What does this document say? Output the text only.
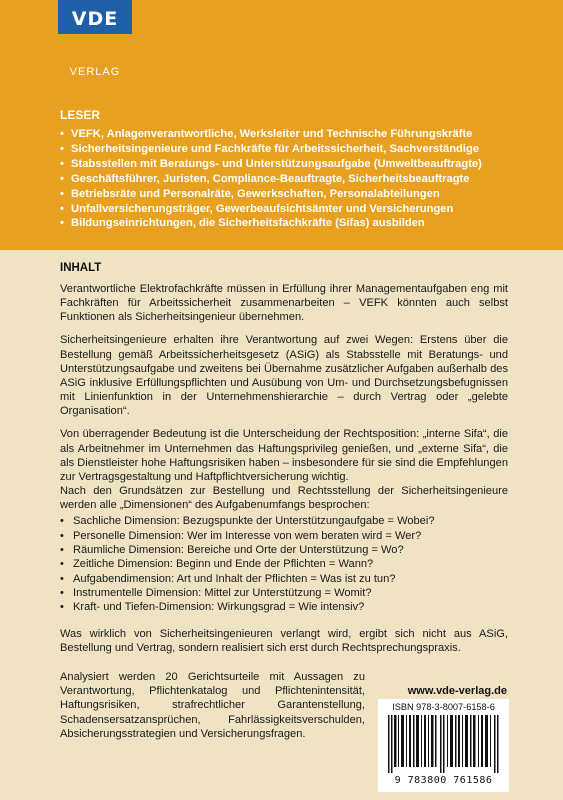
VDE
VERLAG
LESER
• VEFK, Anlagenverantwortliche, Werksleiter und Technische Führungskräfte
• Sicherheitsingenieure und Fachkräfte für Arbeitssicherheit, Sachverständige
• Stabsstellen mit Beratungs- und Unterstützungsaufgabe (Umweltbeauftragte)
• Geschäftsführer, Juristen, Compliance-Beauftragte, Sicherheitsbeauftragte
• Betriebsräte und Personalräte, Gewerkschaften, Personalabteilungen
• Unfallversicherungsträger, Gewerbeaufsichtsämter und Versicherungen
• Bildungseinrichtungen, die Sicherheitsfachkräfte (Sifas) ausbilden
INHALT

Verantwortliche Elektrofachkräfte müssen in Erfüllung ihrer Managementaufgaben eng mit Fachkräften für Arbeitssicherheit zusammenarbeiten – VEFK könnten auch selbst Funktionen als Sicherheitsingenieur übernehmen.

Sicherheitsingenieure erhalten ihre Verantwortung auf zwei Wegen: Erstens über die Bestellung gemäß Arbeitssicherheitsgesetz (ASiG) als Stabsstelle mit Beratungs- und Unterstützungsaufgabe und zweitens bei Übernahme zusätzlicher Aufgaben außerhalb des ASiG inklusive Erfüllungspflichten und Ausübung von Um- und Durchsetzungsbefugnissen mit Linienfunktion in der Unternehmenshierarchie – durch Vertrag oder „gelebte Organisation“.

Von überragender Bedeutung ist die Unterscheidung der Rechtsposition: „interne Sifa“, die als Arbeitnehmer im Unternehmen das Haftungsprivileg genießen, und „externe Sifa“, die als Dienstleister hohe Haftungsrisiken haben – insbesondere für sie sind die Empfehlungen zur Vertragsgestaltung und Haftpflichtversicherung wichtig.

Nach den Grundsätzen zur Bestellung und Rechtsstellung der Sicherheitsingenieure werden alle „Dimensionen“ des Aufgabenumfangs besprochen:

• Sachliche Dimension: Bezugspunkte der Unterstützungaufgabe = Wobei?
• Personelle Dimension: Wer im Interesse von wem beraten wird = Wer?
• Räumliche Dimension: Bereiche und Orte der Unterstützung = Wo?
• Zeitliche Dimension: Beginn und Ende der Pflichten = Wann?
• Aufgabendimension: Art und Inhalt der Pflichten = Was ist zu tun?
• Instrumentelle Dimension: Mittel zur Unterstützung = Womit?
• Kraft- und Tiefen-Dimension: Wirkungsgrad = Wie intensiv?

Was wirklich von Sicherheitsingenieuren verlangt wird, ergibt sich nicht aus ASiG, Bestellung und Vertrag, sondern realisiert sich erst durch Rechtsprechungspraxis.

Analysiert werden 20 Gerichtsurteile mit Aussagen zu Verantwortung, Pflichtenkatalog und Pflichtenintensität, Haftungsrisiken, strafrechtlicher Garantenstellung, Schadensersatzansprüchen, Fahrlässigkeitsverschulden, Absicherungsstrategien und Versicherungsfragen.

www.vde-verlag.de
ISBN 978-3-8007-6158-6
9 783800 761586
